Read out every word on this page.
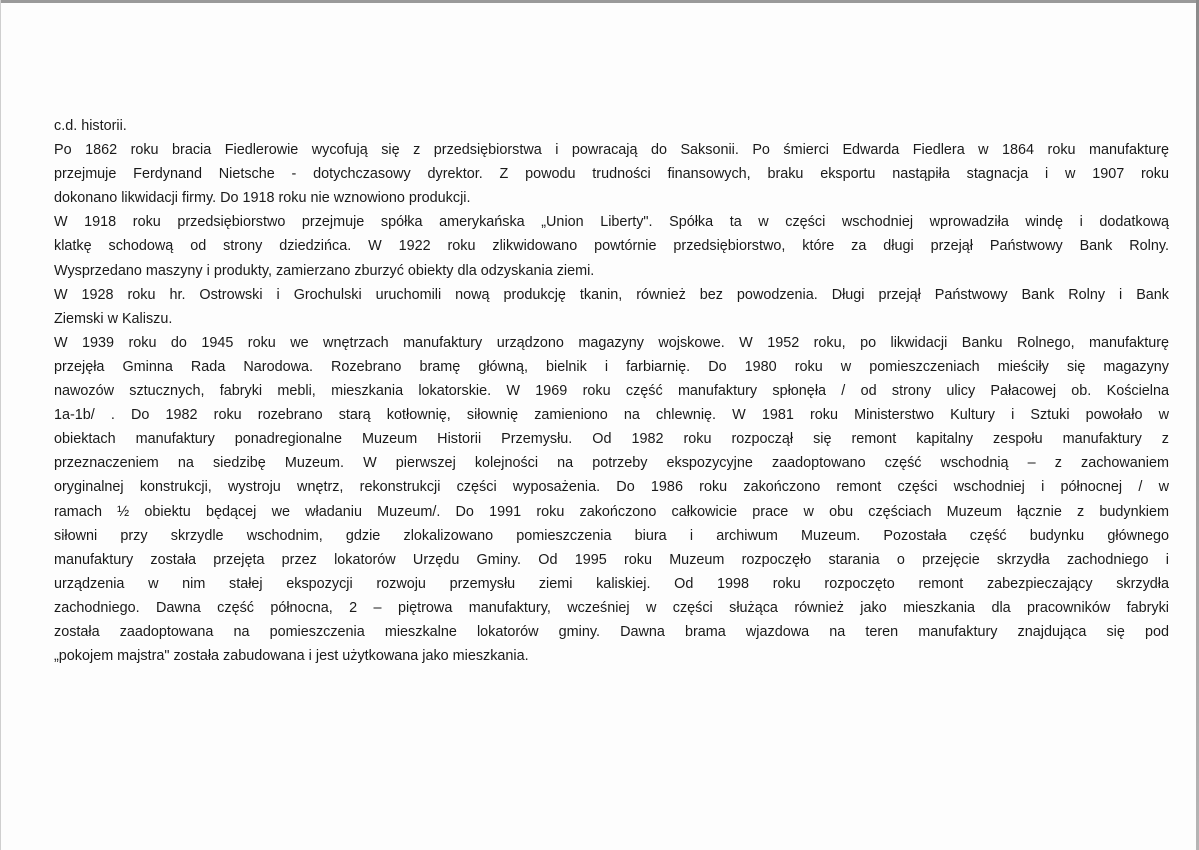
c.d. historii.
Po 1862 roku bracia Fiedlerowie wycofują się z przedsiębiorstwa i powracają do Saksonii. Po śmierci Edwarda Fiedlera w 1864 roku manufakturę
przejmuje Ferdynand Nietsche - dotychczasowy dyrektor. Z powodu trudności finansowych, braku eksportu nastąpiła stagnacja i w 1907 roku
dokonano likwidacji firmy. Do 1918 roku nie wznowiono produkcji.
W 1918 roku przedsiębiorstwo przejmuje spółka amerykańska „Union Liberty". Spółka ta w części wschodniej wprowadziła windę i dodatkową
klatkę schodową od strony dziedzińca. W 1922 roku zlikwidowano powtórnie przedsiębiorstwo, które za długi przejął Państwowy Bank Rolny.
Wysprzedano maszyny i produkty, zamierzano zburzyć obiekty dla odzyskania ziemi.
W 1928 roku hr. Ostrowski i Grochulski uruchomili nową produkcję tkanin, również bez powodzenia. Długi przejął Państwowy Bank Rolny i Bank
Ziemski w Kaliszu.
W 1939 roku do 1945 roku we wnętrzach manufaktury urządzono magazyny wojskowe. W 1952 roku, po likwidacji Banku Rolnego, manufakturę
przejęła Gminna Rada Narodowa. Rozebrano bramę główną, bielnik i farbiarnię. Do 1980 roku w pomieszczeniach mieściły się magazyny
nawozów sztucznych, fabryki mebli, mieszkania lokatorskie. W 1969 roku część manufaktury spłonęła / od strony ulicy Pałacowej ob. Kościelna
1a-1b/ . Do 1982 roku rozebrano starą kotłownię, siłownię zamieniono na chlewnię. W 1981 roku Ministerstwo Kultury i Sztuki powołało w
obiektach manufaktury ponadregionalne Muzeum Historii Przemysłu. Od 1982 roku rozpoczął się remont kapitalny zespołu manufaktury z
przeznaczeniem na siedzibę Muzeum. W pierwszej kolejności na potrzeby ekspozycyjne zaadoptowano część wschodnią – z zachowaniem
oryginalnej konstrukcji, wystroju wnętrz, rekonstrukcji części wyposażenia. Do 1986 roku zakończono remont części wschodniej i północnej / w
ramach ½ obiektu będącej we władaniu Muzeum/. Do 1991 roku zakończono całkowicie prace w obu częściach Muzeum łącznie z budynkiem
siłowni przy skrzydle wschodnim, gdzie zlokalizowano pomieszczenia biura i archiwum Muzeum. Pozostała część budynku głównego
manufaktury została przejęta przez lokatorów Urzędu Gminy. Od 1995 roku Muzeum rozpoczęło starania o przejęcie skrzydła zachodniego i
urządzenia w nim stałej ekspozycji rozwoju przemysłu ziemi kaliskiej. Od 1998 roku rozpoczęto remont zabezpieczający skrzydła
zachodniego. Dawna część północna, 2 – piętrowa manufaktury, wcześniej w części służąca również jako mieszkania dla pracowników fabryki
została zaadoptowana na pomieszczenia mieszkalne lokatorów gminy. Dawna brama wjazdowa na teren manufaktury znajdująca się pod
„pokojem majstra" została zabudowana i jest użytkowana jako mieszkania.
